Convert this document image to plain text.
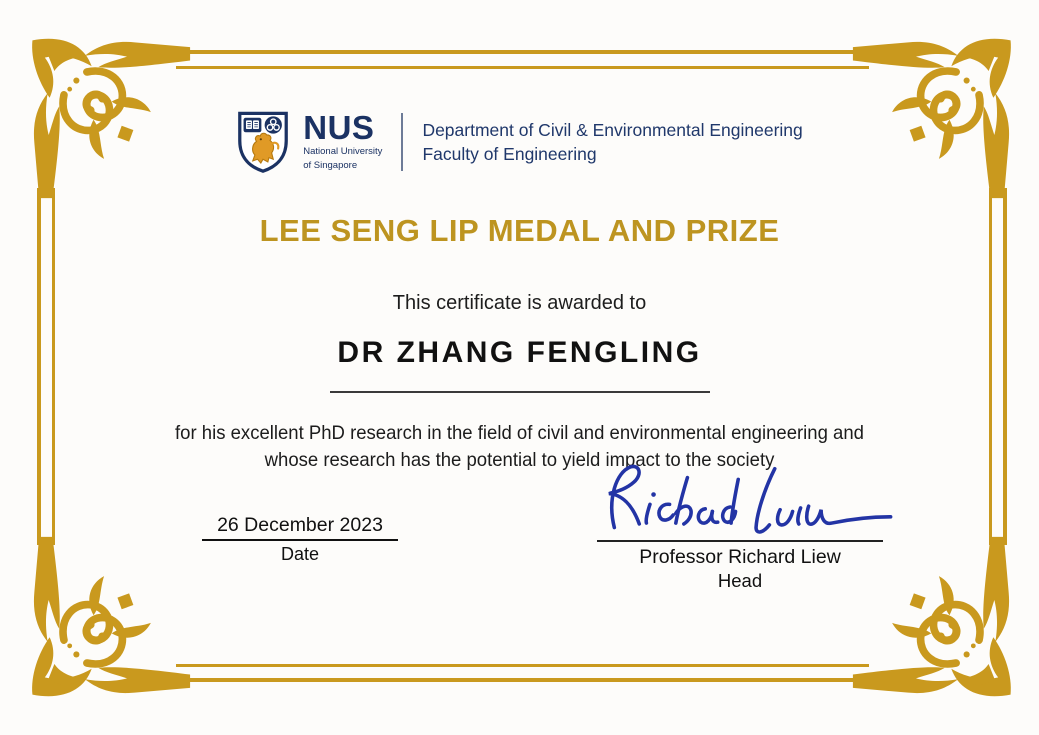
NUS
National University
of Singapore
Department of Civil & Environmental Engineering
Faculty of Engineering
LEE SENG LIP MEDAL AND PRIZE
This certificate is awarded to
DR ZHANG FENGLING
for his excellent PhD research in the field of civil and environmental engineering and
whose research has the potential to yield impact to the society
26 December 2023
Date	Professor Richard Liew
Head
